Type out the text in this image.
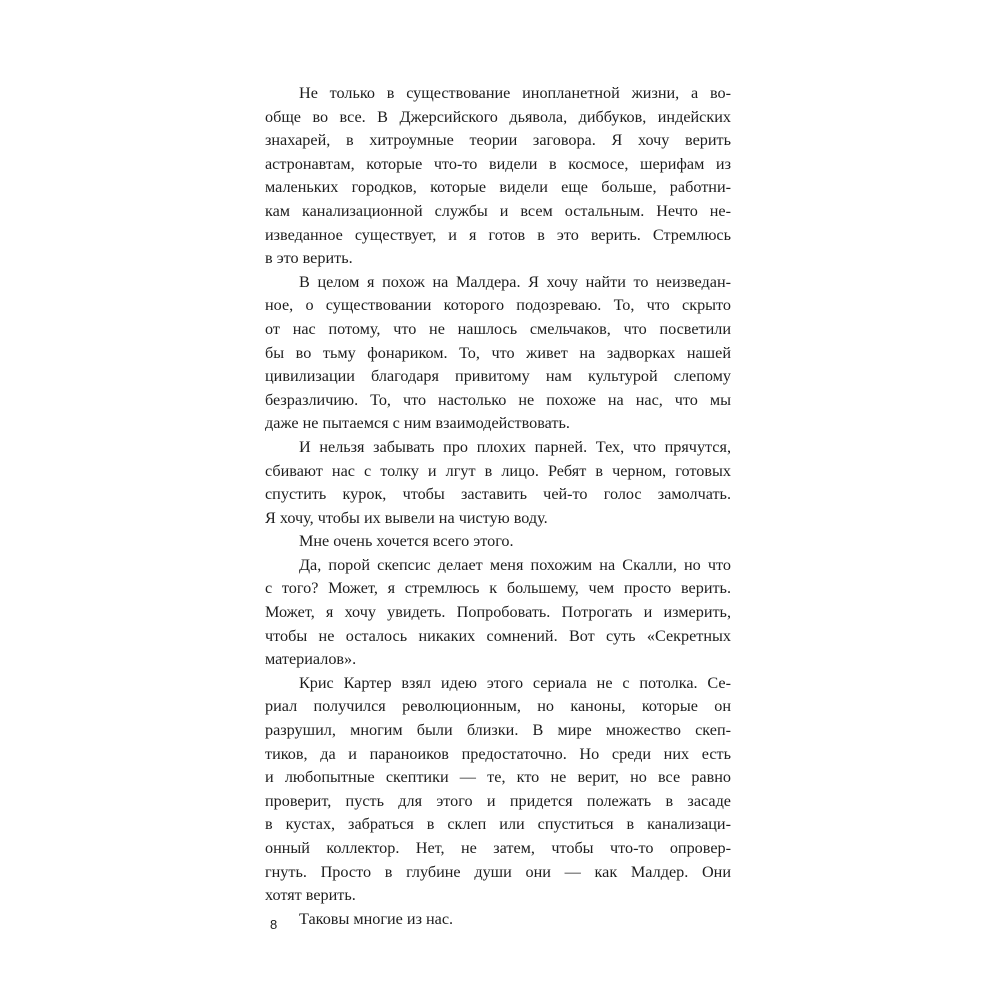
Не только в существование инопланетной жизни, а во-
обще во все. В Джерсийского дьявола, диббуков, индейских
знахарей, в хитроумные теории заговора. Я хочу верить
астронавтам, которые что-то видели в космосе, шерифам из
маленьких городков, которые видели еще больше, работни-
кам канализационной службы и всем остальным. Нечто не-
изведанное существует, и я готов в это верить. Стремлюсь
в это верить.
В целом я похож на Малдера. Я хочу найти то неизведан-
ное, о существовании которого подозреваю. То, что скрыто
от нас потому, что не нашлось смельчаков, что посветили
бы во тьму фонариком. То, что живет на задворках нашей
цивилизации благодаря привитому нам культурой слепому
безразличию. То, что настолько не похоже на нас, что мы
даже не пытаемся с ним взаимодействовать.
И нельзя забывать про плохих парней. Тех, что прячутся,
сбивают нас с толку и лгут в лицо. Ребят в черном, готовых
спустить курок, чтобы заставить чей-то голос замолчать.
Я хочу, чтобы их вывели на чистую воду.
Мне очень хочется всего этого.
Да, порой скепсис делает меня похожим на Скалли, но что
с того? Может, я стремлюсь к большему, чем просто верить.
Может, я хочу увидеть. Попробовать. Потрогать и измерить,
чтобы не осталось никаких сомнений. Вот суть «Секретных
материалов».
Крис Картер взял идею этого сериала не с потолка. Се-
риал получился революционным, но каноны, которые он
разрушил, многим были близки. В мире множество скеп-
тиков, да и параноиков предостаточно. Но среди них есть
и любопытные скептики — те, кто не верит, но все равно
проверит, пусть для этого и придется полежать в засаде
в кустах, забраться в склеп или спуститься в канализаци-
онный коллектор. Нет, не затем, чтобы что-то опровер-
гнуть. Просто в глубине души они — как Малдер. Они
хотят верить.
Таковы многие из нас.
8
